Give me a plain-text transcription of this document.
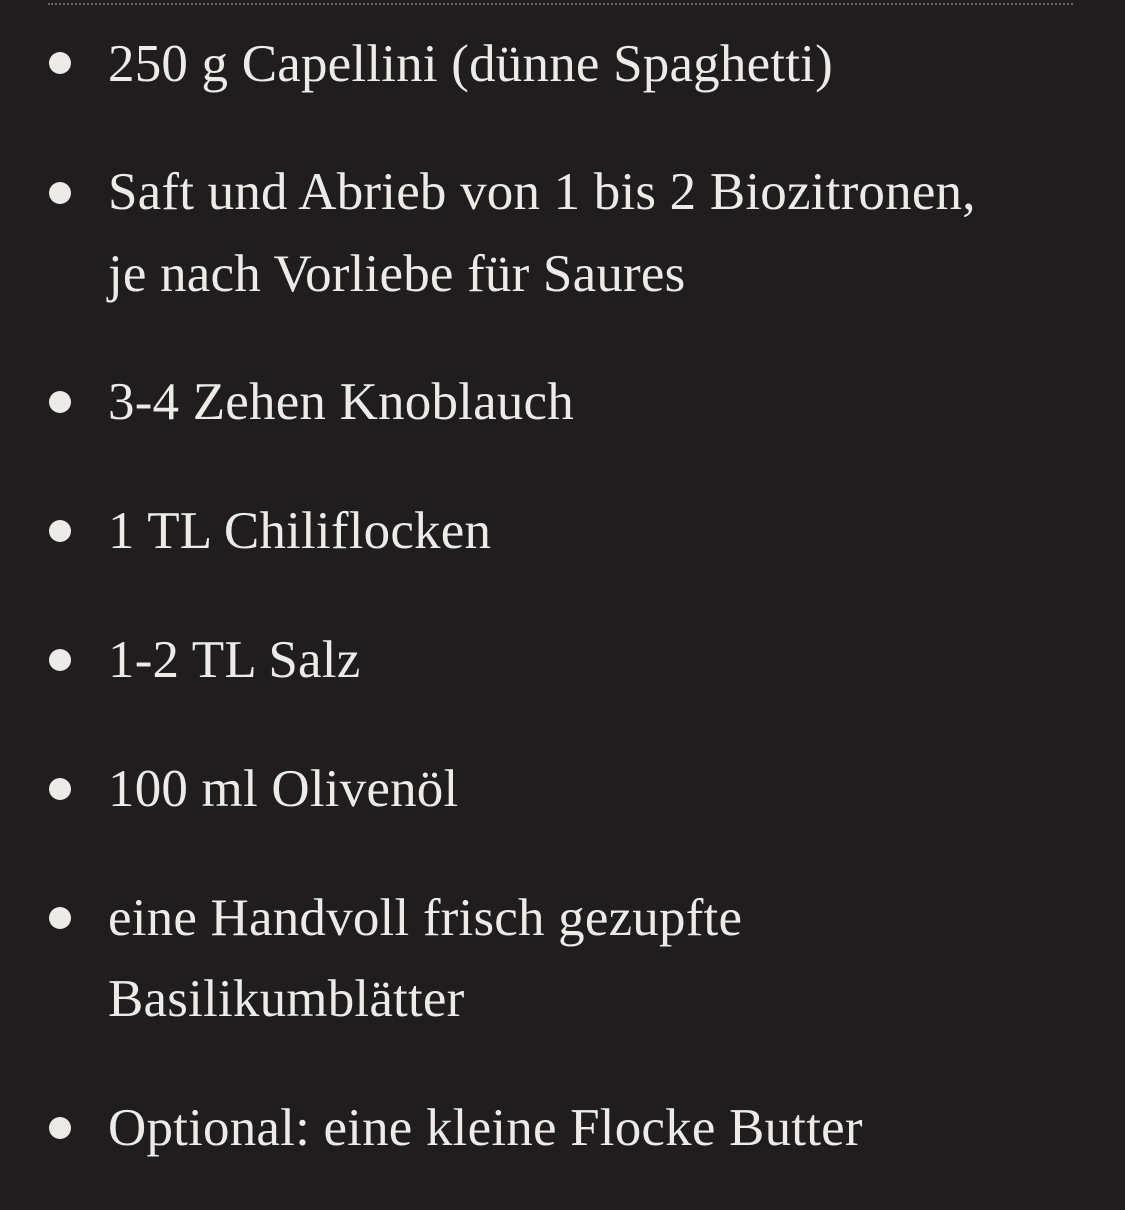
250 g Capellini (dünne Spaghetti)
Saft und Abrieb von 1 bis 2 Biozitronen,
je nach Vorliebe für Saures
3-4 Zehen Knoblauch
1 TL Chiliflocken
1-2 TL Salz
100 ml Olivenöl
eine Handvoll frisch gezupfte
Basilikumblätter
Optional: eine kleine Flocke Butter
